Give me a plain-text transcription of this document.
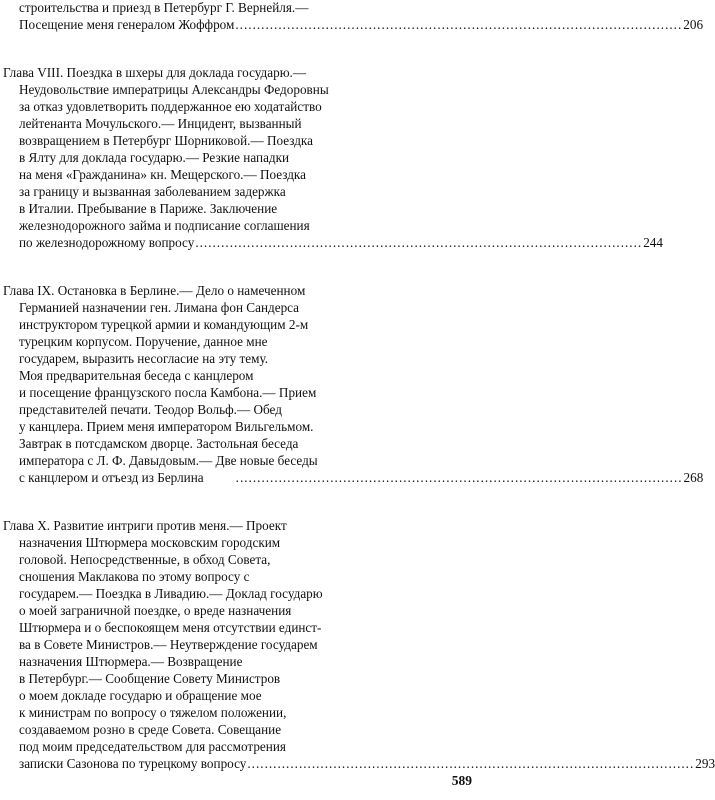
строительства и приезд в Петербург Г. Вернейля.—
Посещение меня генералом Жоффром ........................................................................................................ 206
Глава VIII. Поездка в шхеры для доклада государю.—
Неудовольствие императрицы Александры Федоровны
за отказ удовлетворить поддержанное ею ходатайство
лейтенанта Мочульского.— Инцидент, вызванный
возвращением в Петербург Шорниковой.— Поездка
в Ялту для доклада государю.— Резкие нападки
на меня «Гражданина» кн. Мещерского.— Поездка
за границу и вызванная заболеванием задержка
в Италии. Пребывание в Париже. Заключение
железнодорожного займа и подписание соглашения
по железнодорожному вопросу ........................................................................................................ 244
Глава IX. Остановка в Берлине.— Дело о намеченном
Германией назначении ген. Лимана фон Сандерса
инструктором турецкой армии и командующим 2-м
турецким корпусом. Поручение, данное мне
государем, выразить несогласие на эту тему.
Моя предварительная беседа с канцлером
и посещение французского посла Камбона.— Прием
представителей печати. Теодор Вольф.— Обед
у канцлера. Прием меня императором Вильгельмом.
Завтрак в потсдамском дворце. Застольная беседа
императора с Л. Ф. Давыдовым.— Две новые беседы
с канцлером и отъезд из Берлина ........................................................................................................ 268
Глава X. Развитие интриги против меня.— Проект
назначения Штюрмера московским городским
головой. Непосредственные, в обход Совета,
сношения Маклакова по этому вопросу с
государем.— Поездка в Ливадию.— Доклад государю
о моей заграничной поездке, о вреде назначения
Штюрмера и о беспокоящем меня отсутствии единст-
ва в Совете Министров.— Неутверждение государем
назначения Штюрмера.— Возвращение
в Петербург.— Сообщение Совету Министров
о моем докладе государю и обращение мое
к министрам по вопросу о тяжелом положении,
создаваемом розно в среде Совета. Совещание
под моим председательством для рассмотрения
записки Сазонова по турецкому вопросу ........................................................................................................ 293
589
